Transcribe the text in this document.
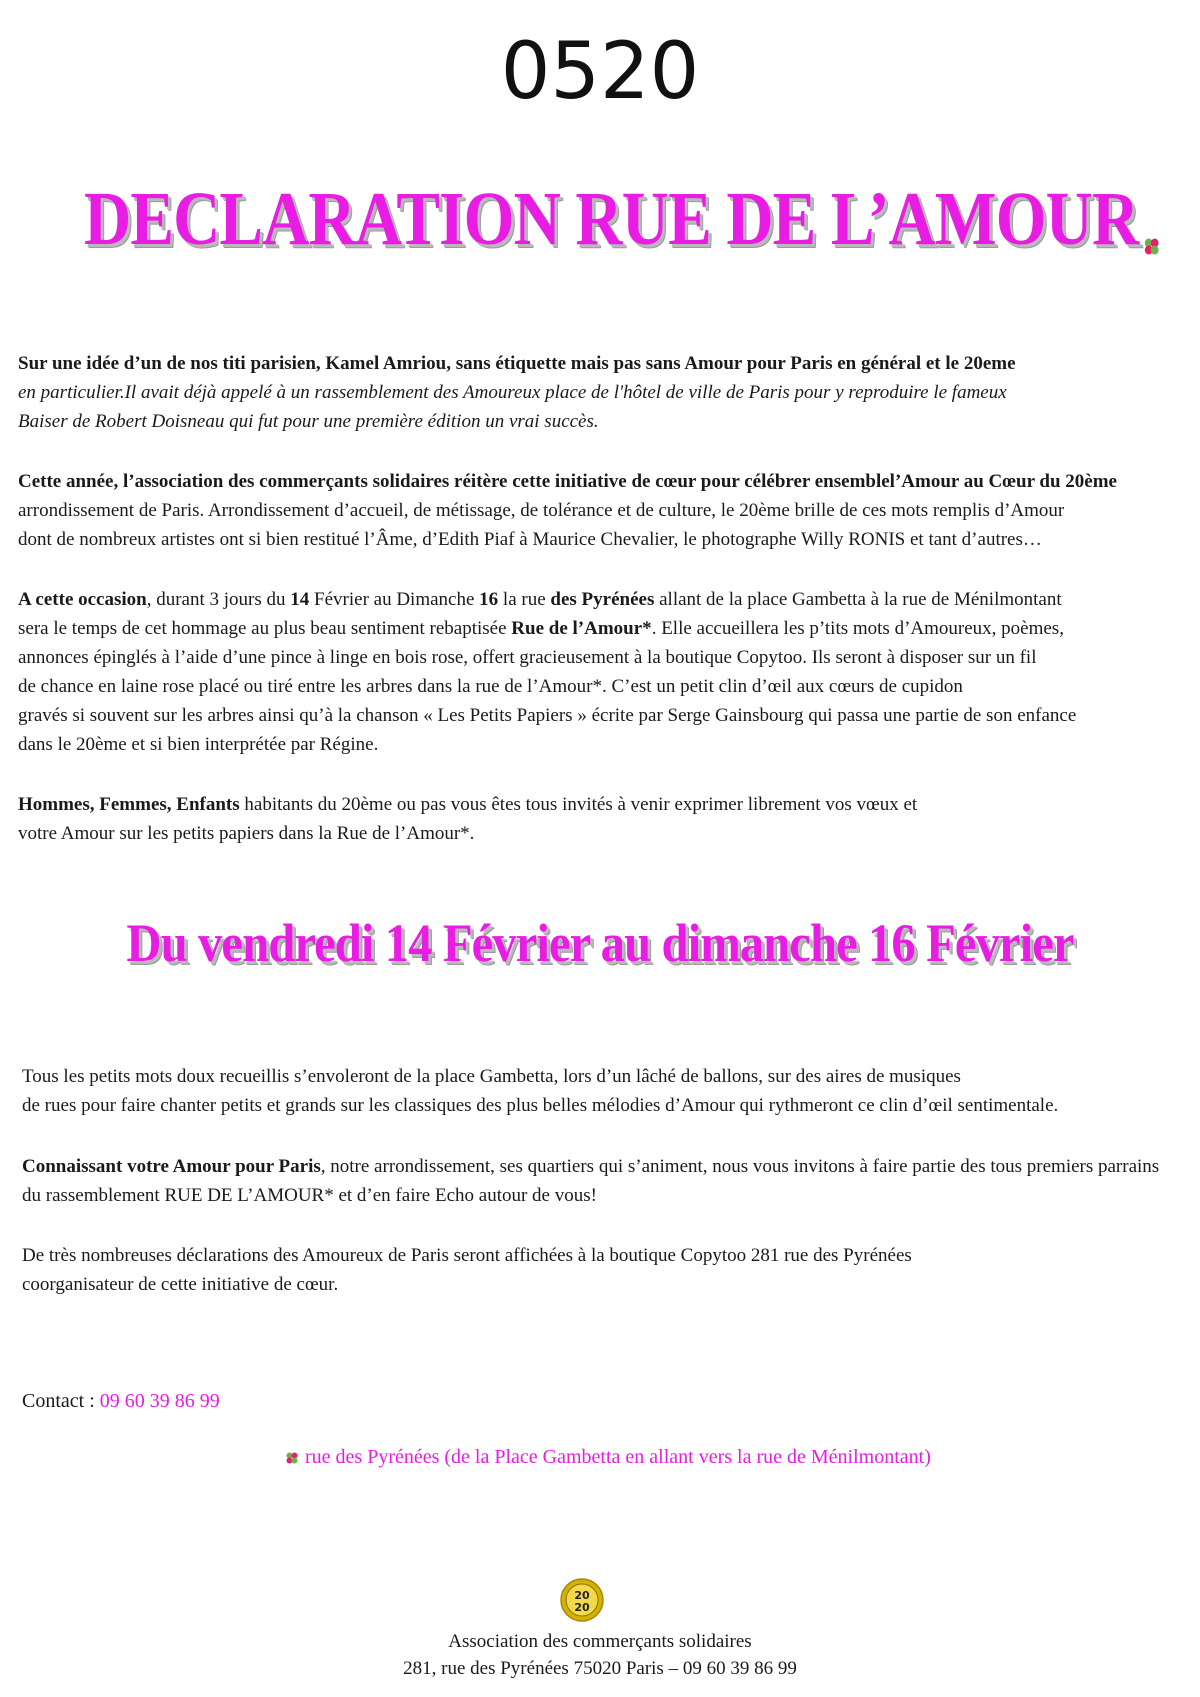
0520
DECLARATION RUE DE L’AMOUR
Sur une idée d’un de nos titi parisien, Kamel Amriou, sans étiquette mais pas sans Amour pour Paris en général et le 20eme
en particulier.Il avait déjà appelé à un rassemblement des Amoureux place de l'hôtel de ville de Paris pour y reproduire le fameux
Baiser de Robert Doisneau qui fut pour une première édition un vrai succès.
Cette année, l’association des commerçants solidaires réitère cette initiative de cœur pour célébrer ensemblel’Amour au Cœur du 20ème
arrondissement de Paris. Arrondissement d’accueil, de métissage, de tolérance et de culture, le 20ème brille de ces mots remplis d’Amour
dont de nombreux artistes ont si bien restitué l’Âme, d’Edith Piaf à Maurice Chevalier, le photographe Willy RONIS et tant d’autres…
A cette occasion, durant 3 jours du 14 Février au Dimanche 16 la rue des Pyrénées allant de la place Gambetta à la rue de Ménilmontant
sera le temps de cet hommage au plus beau sentiment rebaptisée Rue de l’Amour*. Elle accueillera les p’tits mots d’Amoureux, poèmes,
annonces épinglés à l’aide d’une pince à linge en bois rose, offert gracieusement à la boutique Copytoo. Ils seront à disposer sur un fil
de chance en laine rose placé ou tiré entre les arbres dans la rue de l’Amour*. C’est un petit clin d’œil aux cœurs de cupidon
gravés si souvent sur les arbres ainsi qu’à la chanson « Les Petits Papiers » écrite par Serge Gainsbourg qui passa une partie de son enfance
dans le 20ème et si bien interprétée par Régine.
Hommes, Femmes, Enfants habitants du 20ème ou pas vous êtes tous invités à venir exprimer librement vos vœux et
votre Amour sur les petits papiers dans la Rue de l’Amour*.
Du vendredi 14 Février au dimanche 16 Février
Tous les petits mots doux recueillis s’envoleront de la place Gambetta, lors d’un lâché de ballons, sur des aires de musiques
de rues pour faire chanter petits et grands sur les classiques des plus belles mélodies d’Amour qui rythmeront ce clin d’œil sentimentale.
Connaissant votre Amour pour Paris, notre arrondissement, ses quartiers qui s’animent, nous vous invitons à faire partie des tous premiers parrains
du rassemblement RUE DE L’AMOUR* et d’en faire Echo autour de vous!
De très nombreuses déclarations des Amoureux de Paris seront affichées à la boutique Copytoo 281 rue des Pyrénées
coorganisateur de cette initiative de cœur.
Contact : 09 60 39 86 99
rue des Pyrénées (de la Place Gambetta en allant vers la rue de Ménilmontant)
20
20
Association des commerçants solidaires
281, rue des Pyrénées 75020 Paris – 09 60 39 86 99
